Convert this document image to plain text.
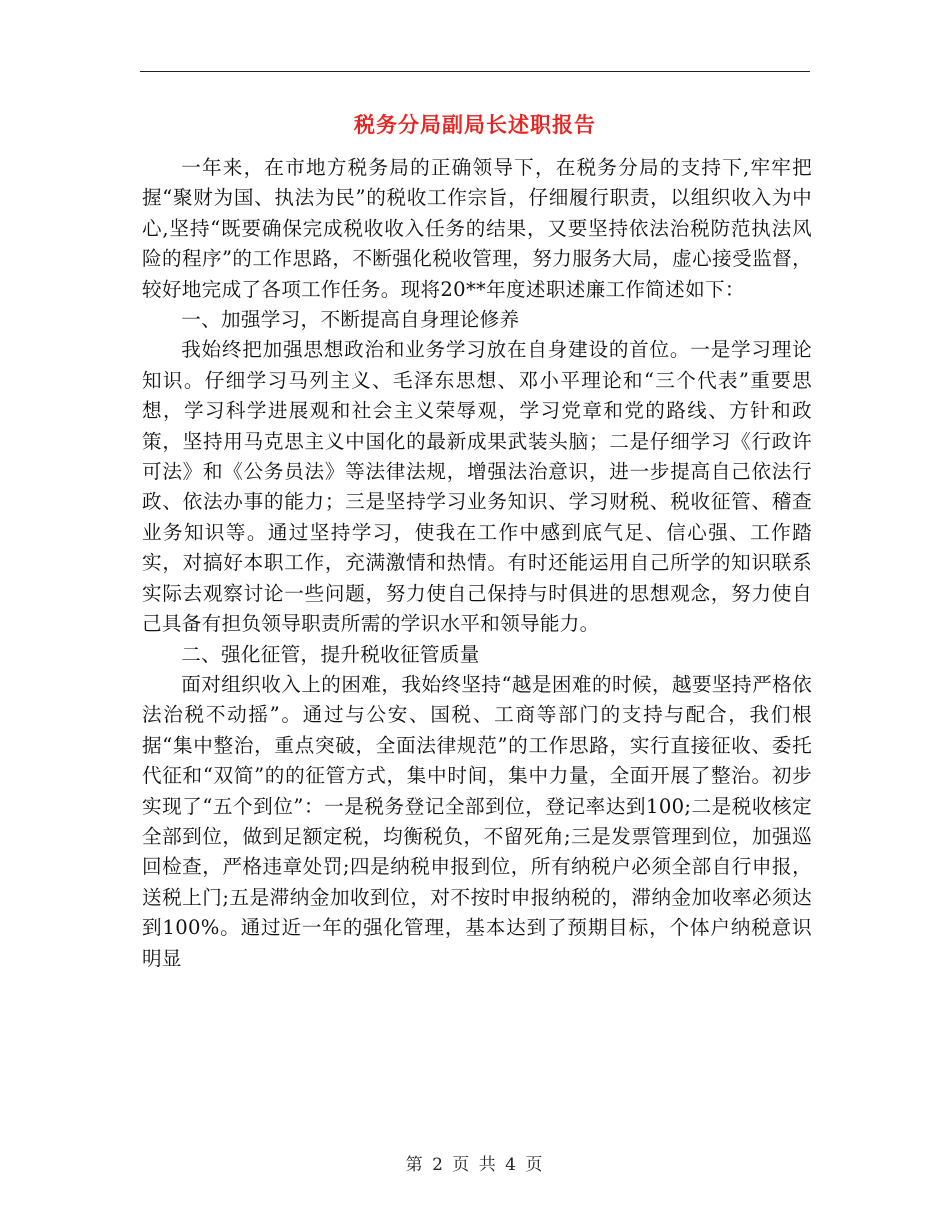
税务分局副局长述职报告

一年来，在市地方税务局的正确领导下，在税务分局的支持下,牢牢把握“聚财为国、执法为民”的税收工作宗旨，仔细履行职责，以组织收入为中心,坚持“既要确保完成税收收入任务的结果，又要坚持依法治税防范执法风险的程序”的工作思路，不断强化税收管理，努力服务大局，虚心接受监督，较好地完成了各项工作任务。现将20**年度述职述廉工作简述如下：

一、加强学习，不断提高自身理论修养

我始终把加强思想政治和业务学习放在自身建设的首位。一是学习理论知识。仔细学习马列主义、毛泽东思想、邓小平理论和“三个代表”重要思想，学习科学进展观和社会主义荣辱观，学习党章和党的路线、方针和政策，坚持用马克思主义中国化的最新成果武装头脑；二是仔细学习《行政许可法》和《公务员法》等法律法规，增强法治意识，进一步提高自己依法行政、依法办事的能力；三是坚持学习业务知识、学习财税、税收征管、稽查业务知识等。通过坚持学习，使我在工作中感到底气足、信心强、工作踏实，对搞好本职工作，充满激情和热情。有时还能运用自己所学的知识联系实际去观察讨论一些问题，努力使自己保持与时俱进的思想观念，努力使自己具备有担负领导职责所需的学识水平和领导能力。

二、强化征管，提升税收征管质量

面对组织收入上的困难，我始终坚持“越是困难的时候，越要坚持严格依法治税不动摇”。通过与公安、国税、工商等部门的支持与配合，我们根据“集中整治，重点突破，全面法律规范”的工作思路，实行直接征收、委托代征和“双简”的的征管方式，集中时间，集中力量，全面开展了整治。初步实现了“五个到位”：一是税务登记全部到位，登记率达到100;二是税收核定全部到位，做到足额定税，均衡税负，不留死角;三是发票管理到位，加强巡回检查，严格违章处罚;四是纳税申报到位，所有纳税户必须全部自行申报，送税上门;五是滞纳金加收到位，对不按时申报纳税的，滞纳金加收率必须达到100%。通过近一年的强化管理，基本达到了预期目标，个体户纳税意识明显

第 2 页 共 4 页
